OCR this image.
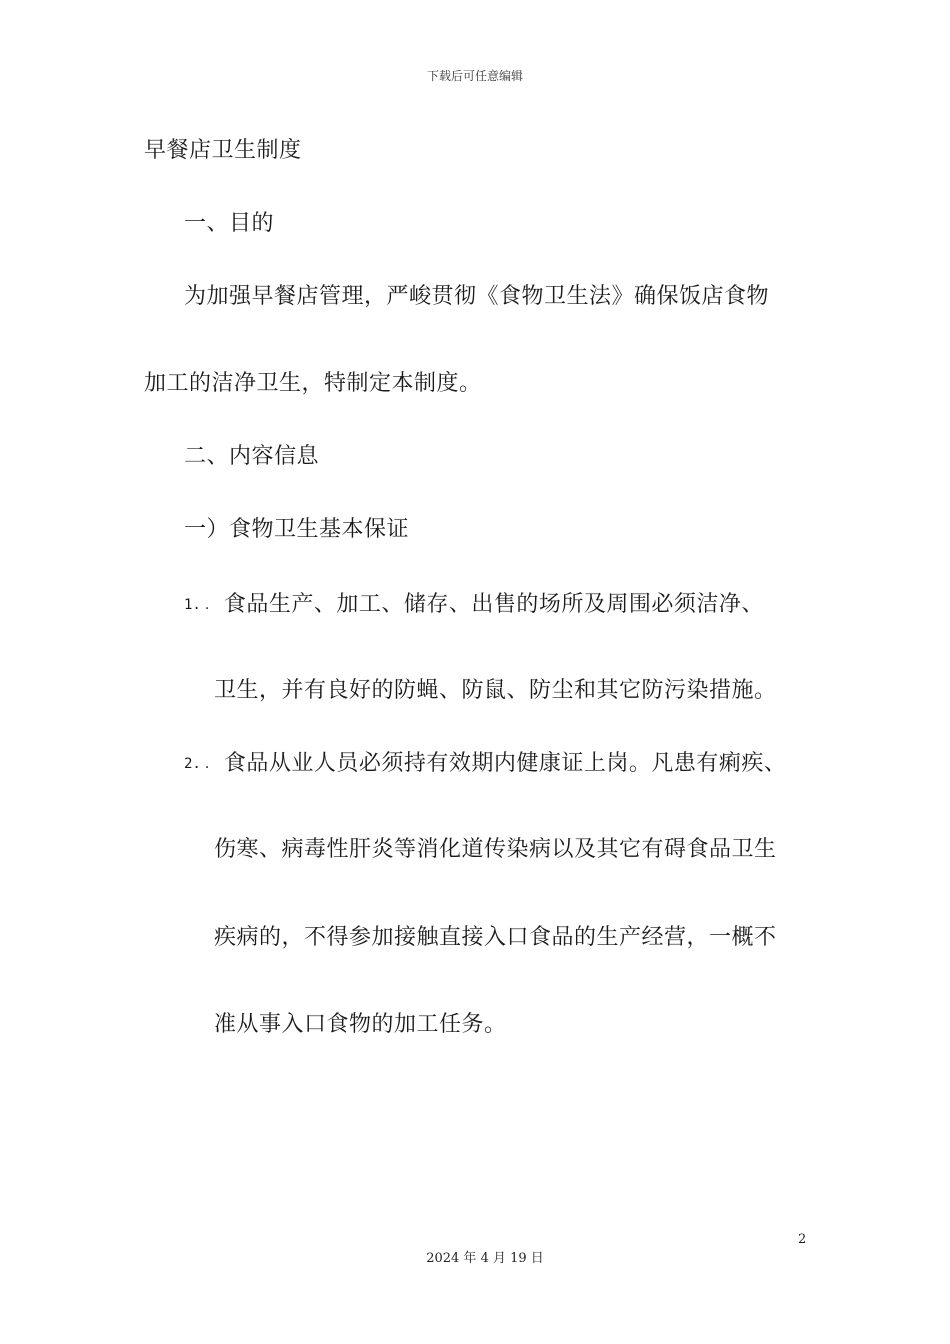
下载后可任意编辑
早餐店卫生制度
一、目的
为加强早餐店管理，严峻贯彻《食物卫生法》确保饭店食物
加工的洁净卫生，特制定本制度。
二、内容信息
一）食物卫生基本保证
1. . 食品生产、加工、储存、出售的场所及周围必须洁净、
卫生，并有良好的防蝇、防鼠、防尘和其它防污染措施。
2. . 食品从业人员必须持有效期内健康证上岗。凡患有痢疾、
伤寒、病毒性肝炎等消化道传染病以及其它有碍食品卫生
疾病的，不得参加接触直接入口食品的生产经营，一概不
准从事入口食物的加工任务。
2
2024 年 4 月 19 日
